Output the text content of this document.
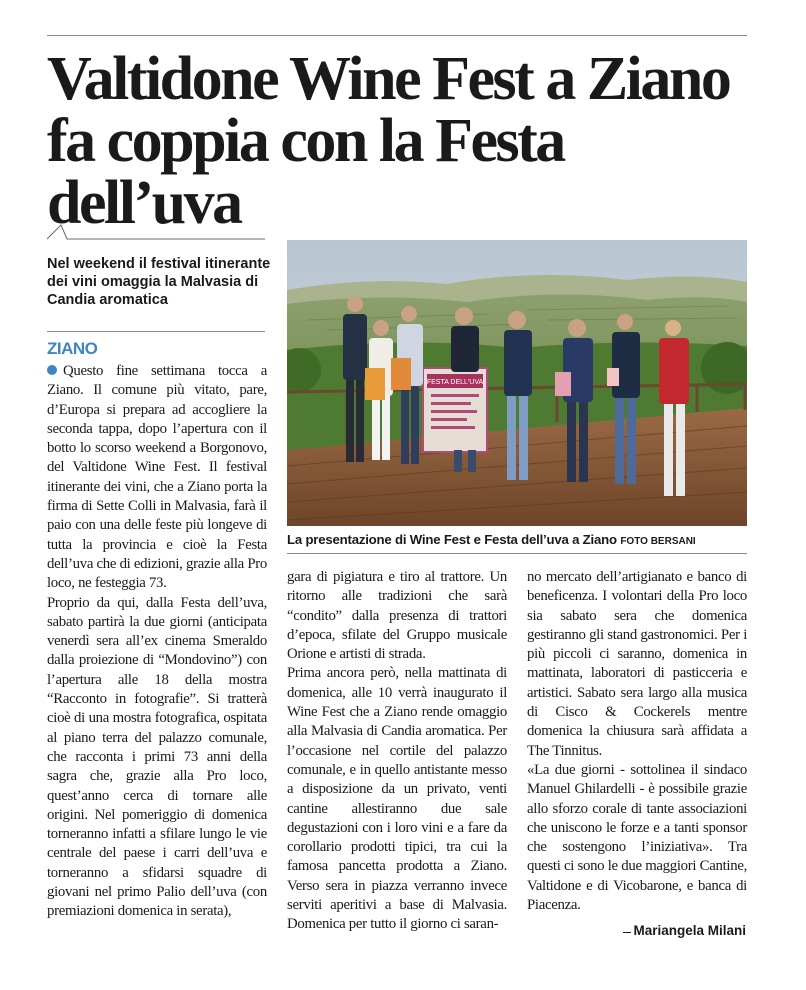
Valtidone Wine Fest a Ziano
fa coppia con la Festa dell’uva
Nel weekend il festival itinerante dei vini omaggia la Malvasia di Candia aromatica
ZIANO

Questo fine settimana tocca a Ziano. Il comune più vitato, pare, d’Europa si prepara ad accogliere la seconda tappa, dopo l’apertura con il botto lo scorso weekend a Borgonovo, del Valtidone Wine Fest. Il festival itinerante dei vini, che a Ziano porta la firma di Sette Colli in Malvasia, farà il paio con una delle feste più longeve di tutta la provincia e cioè la Festa dell’uva che di edizioni, grazie alla Pro loco, ne festeggia 73.

Proprio da qui, dalla Festa dell’uva, sabato partirà la due giorni (anticipata venerdì sera all’ex cinema Smeraldo dalla proiezione di “Mondovino”) con l’apertura alle 18 della mostra “Racconto in fotografie”. Si tratterà cioè di una mostra fotografica, ospitata al piano terra del palazzo comunale, che racconta i primi 73 anni della sagra che, grazie alla Pro loco, quest’anno cerca di tornare alle origini. Nel pomeriggio di domenica torneranno infatti a sfilare lungo le vie centrale del paese i carri dell’uva e torneranno a sfidarsi squadre di giovani nel primo Palio dell’uva (con premiazioni domenica in serata),

FESTA DELL'UVA
La presentazione di Wine Fest e Festa dell’uva a Ziano FOTO BERSANI

gara di pigiatura e tiro al trattore. Un ritorno alle tradizioni che sarà “condito” dalla presenza di trattori d’epoca, sfilate del Gruppo musicale Orione e artisti di strada.

Prima ancora però, nella mattinata di domenica, alle 10 verrà inaugurato il Wine Fest che a Ziano rende omaggio alla Malvasia di Candia aromatica. Per l’occasione nel cortile del palazzo comunale, e in quello antistante messo a disposizione da un privato, venti cantine allestiranno due sale degustazioni con i loro vini e a fare da corollario prodotti tipici, tra cui la famosa pancetta prodotta a Ziano. Verso sera in piazza verranno invece serviti aperitivi a base di Malvasia. Domenica per tutto il giorno ci saran-

no mercato dell’artigianato e banco di beneficenza. I volontari della Pro loco sia sabato sera che domenica gestiranno gli stand gastronomici. Per i più piccoli ci saranno, domenica in mattinata, laboratori di pasticceria e artistici. Sabato sera largo alla musica di Cisco & Cockerels mentre domenica la chiusura sarà affidata a The Tinnitus.

«La due giorni - sottolinea il sindaco Manuel Ghilardelli - è possibile grazie allo sforzo corale di tante associazioni che uniscono le forze e a tanti sponsor che sostengono l’iniziativa». Tra questi ci sono le due maggiori Cantine, Valtidone e di Vicobarone, e banca di Piacenza.

Mariangela Milani
